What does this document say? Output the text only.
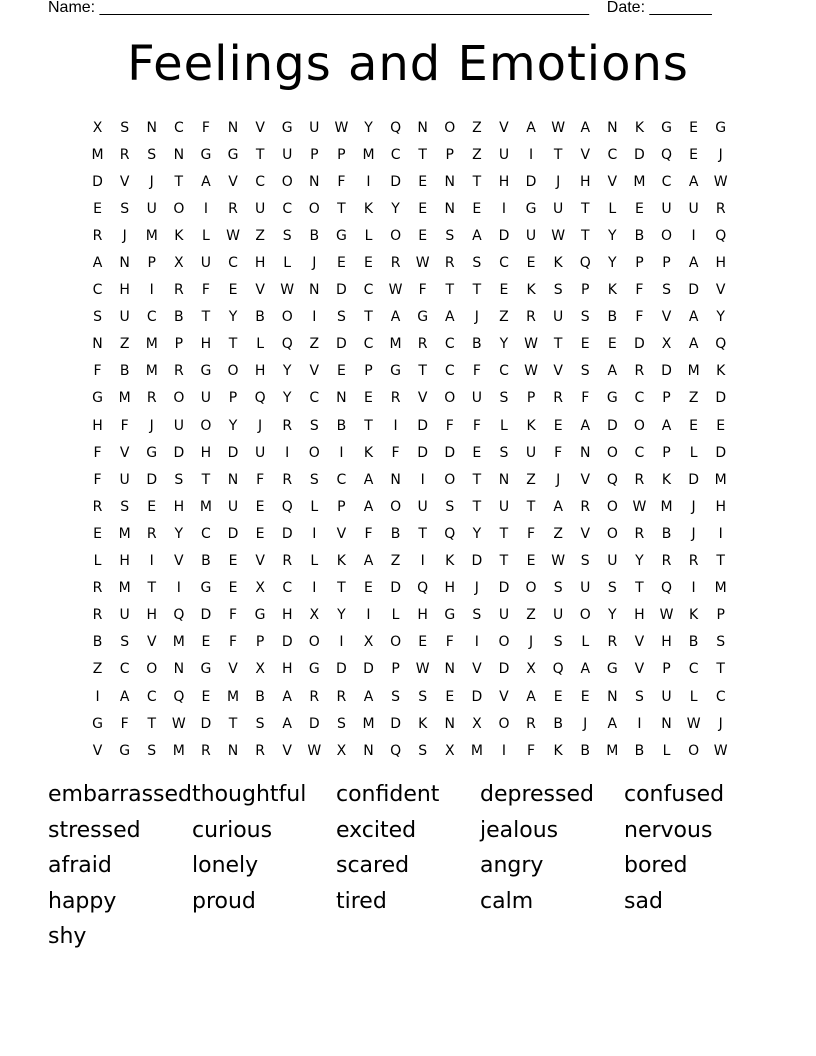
Name: _______________________________________________________    Date: _______
Feelings and Emotions
X	S	N	C	F	N	V	G	U	W	Y	Q	N	O	Z	V	A	W	A	N	K	G	E	G
M	R	S	N	G	G	T	U	P	P	M	C	T	P	Z	U	I	T	V	C	D	Q	E	J
D	V	J	T	A	V	C	O	N	F	I	D	E	N	T	H	D	J	H	V	M	C	A	W
E	S	U	O	I	R	U	C	O	T	K	Y	E	N	E	I	G	U	T	L	E	U	U	R
R	J	M	K	L	W	Z	S	B	G	L	O	E	S	A	D	U	W	T	Y	B	O	I	Q
A	N	P	X	U	C	H	L	J	E	E	R	W	R	S	C	E	K	Q	Y	P	P	A	H
C	H	I	R	F	E	V	W	N	D	C	W	F	T	T	E	K	S	P	K	F	S	D	V
S	U	C	B	T	Y	B	O	I	S	T	A	G	A	J	Z	R	U	S	B	F	V	A	Y
N	Z	M	P	H	T	L	Q	Z	D	C	M	R	C	B	Y	W	T	E	E	D	X	A	Q
F	B	M	R	G	O	H	Y	V	E	P	G	T	C	F	C	W	V	S	A	R	D	M	K
G	M	R	O	U	P	Q	Y	C	N	E	R	V	O	U	S	P	R	F	G	C	P	Z	D
H	F	J	U	O	Y	J	R	S	B	T	I	D	F	F	L	K	E	A	D	O	A	E	E
F	V	G	D	H	D	U	I	O	I	K	F	D	D	E	S	U	F	N	O	C	P	L	D
F	U	D	S	T	N	F	R	S	C	A	N	I	O	T	N	Z	J	V	Q	R	K	D	M
R	S	E	H	M	U	E	Q	L	P	A	O	U	S	T	U	T	A	R	O	W	M	J	H
E	M	R	Y	C	D	E	D	I	V	F	B	T	Q	Y	T	F	Z	V	O	R	B	J	I
L	H	I	V	B	E	V	R	L	K	A	Z	I	K	D	T	E	W	S	U	Y	R	R	T
R	M	T	I	G	E	X	C	I	T	E	D	Q	H	J	D	O	S	U	S	T	Q	I	M
R	U	H	Q	D	F	G	H	X	Y	I	L	H	G	S	U	Z	U	O	Y	H	W	K	P
B	S	V	M	E	F	P	D	O	I	X	O	E	F	I	O	J	S	L	R	V	H	B	S
Z	C	O	N	G	V	X	H	G	D	D	P	W	N	V	D	X	Q	A	G	V	P	C	T
I	A	C	Q	E	M	B	A	R	R	A	S	S	E	D	V	A	E	E	N	S	U	L	C
G	F	T	W	D	T	S	A	D	S	M	D	K	N	X	O	R	B	J	A	I	N	W	J
V	G	S	M	R	N	R	V	W	X	N	Q	S	X	M	I	F	K	B	M	B	L	O	W
embarrassed thoughtful	confident	depressed	confused
stressed	curious	excited	jealous	nervous
afraid	lonely	scared	angry	bored
happy	proud	tired	calm	sad
shy
